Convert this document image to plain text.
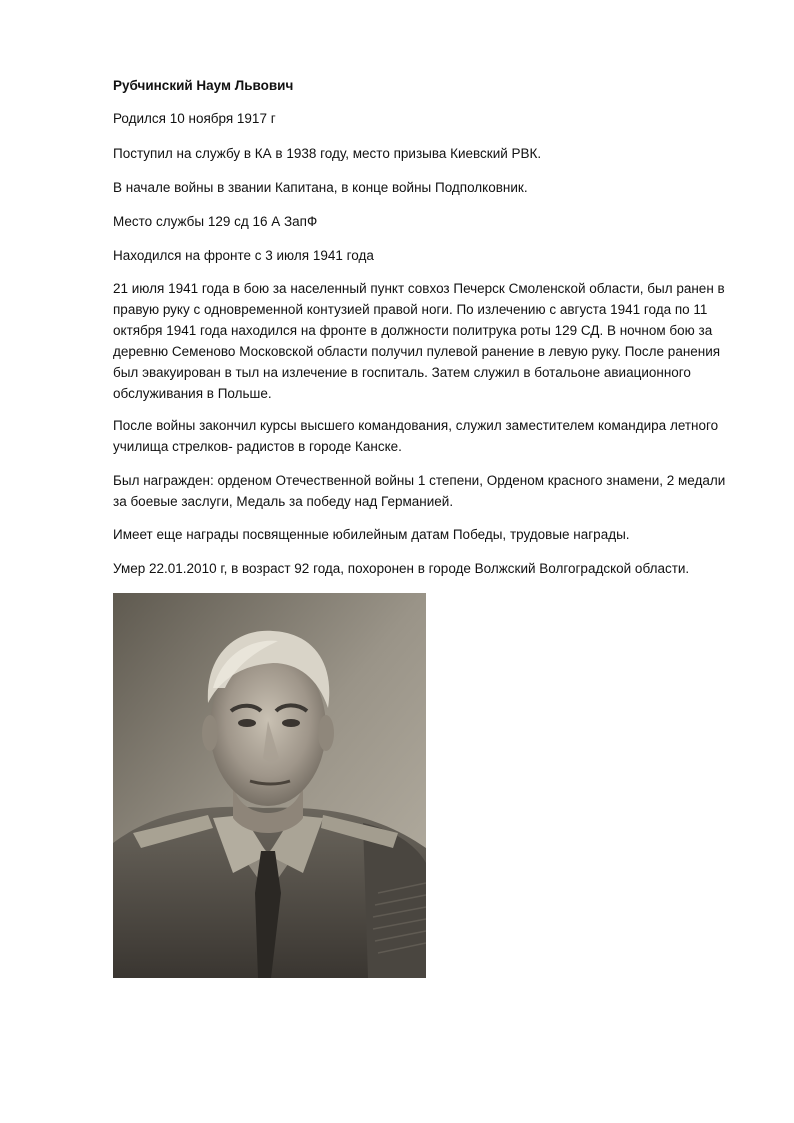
Рубчинский Наум Львович

Родился 10 ноября 1917 г

Поступил на службу в КА в 1938 году, место призыва Киевский РВК.

В начале войны в звании Капитана, в конце войны Подполковник.

Место службы 129 сд 16 А ЗапФ

Находился на фронте с 3 июля 1941 года

21 июля 1941 года в бою за населенный пункт совхоз Печерск Смоленской области, был ранен в правую руку с одновременной контузией правой ноги. По излечению с августа 1941 года по 11 октября 1941 года находился на фронте в должности политрука роты 129 СД. В ночном бою за деревню Семеново Московской области получил пулевой ранение в левую руку. После ранения был эвакуирован в тыл на излечение в госпиталь. Затем служил в ботальоне авиационного обслуживания в Польше.

После войны закончил курсы высшего командования, служил заместителем командира летного училища стрелков- радистов в городе Канске.

Был награжден: орденом Отечественной войны 1 степени, Орденом красного знамени, 2 медали за боевые заслуги, Медаль за победу над Германией.

Имеет еще награды посвященные юбилейным датам Победы, трудовые награды.

Умер 22.01.2010 г, в возраст 92 года, похоронен в городе Волжский Волгоградской области.
